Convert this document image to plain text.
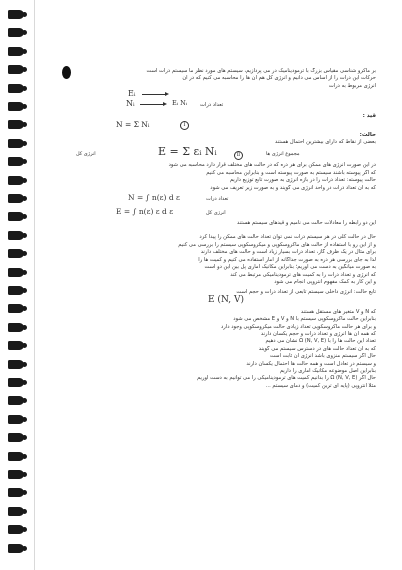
بر ماکرو شناسی مقیاس بزرگ با ترمودینامیک در می پردازیم، سیستم های مورد نظر ما سیستم ذرات است
حرکات این ذرات را از اساس می دانیم و انرژی کل هم آن ها را محاسبه می کنیم که در آن
انرژی مربوط به ذرات
Eᵢ
Nᵢ	Eᵢ Nᵢ تعداد ذرات
قید :
N = Σ Nᵢ	Ⅰ
حالت:
بعضی از نقاط که دارای بیشترین احتمال هستند
E = Σ εᵢ Nᵢ	Ⅱ
انرژی کل	مجموع انرژی ها
در این صورت انرژی های ممکن برای هر ذره که در حالت های مختلف قرار دارد محاسبه می شود
که اگر پیوسته باشند سیستم به صورت پیوسته است و بنابراین محاسبه می کنیم
حالت پیوسته: تعداد ذرات را در بازه انرژی به صورت تابع توزیع داریم
که به آن تعداد ذرات در واحد انرژی می گویند و به صورت زیر تعریف می شود
N = ∫ n(ε) d ε
E = ∫ n(ε) ε d ε
تعداد ذرات
انرژی کل
این دو رابطه را معادلات حالت می نامیم و قیدهای سیستم هستند
حال در حالت کلی در هر سیستم ذرات نمی توان تعداد حالت های ممکن را پیدا کرد
و از این رو با استفاده از حالت های ماکروسکوپی و میکروسکوپی سیستم را بررسی می کنیم
برای مثال در یک ظرف گاز، تعداد ذرات بسیار زیاد است و حالت های مختلف دارند
لذا به جای بررسی هر ذره به صورت جداگانه از آمار استفاده می کنیم و کمیت ها را
به صورت میانگین به دست می آوریم؛ بنابراین مکانیک آماری پل بین این دو است
که انرژی و تعداد ذرات را به کمیت های ترمودینامیکی مرتبط می کند
و این کار به کمک مفهوم آنتروپی انجام می شود
تابع حالت: انرژی داخلی سیستم تابعی از تعداد ذرات و حجم است
E (N, V)
که N و V متغیر های مستقل هستند
بنابراین حالت ماکروسکوپی سیستم با N و V و E مشخص می شود
و برای هر حالت ماکروسکوپی تعداد زیادی حالت میکروسکوپی وجود دارد
که همه آن ها انرژی و تعداد ذرات و حجم یکسان دارند
تعداد این حالت ها را با Ω (N, V, E) نشان می دهیم
که به آن تعداد حالت های در دسترس سیستم می گویند
حال اگر سیستم منزوی باشد انرژی آن ثابت است
و سیستم در تعادل است و همه حالت ها احتمال یکسان دارند
بنابراین اصل موضوعه مکانیک آماری را داریم
حال اگر (N, V, E) Ω را بدانیم کمیت های ترمودینامیکی را می توانیم به دست آوریم
مثلاً آنتروپی (پایه ای ترین کمیت) و دمای سیستم ...
